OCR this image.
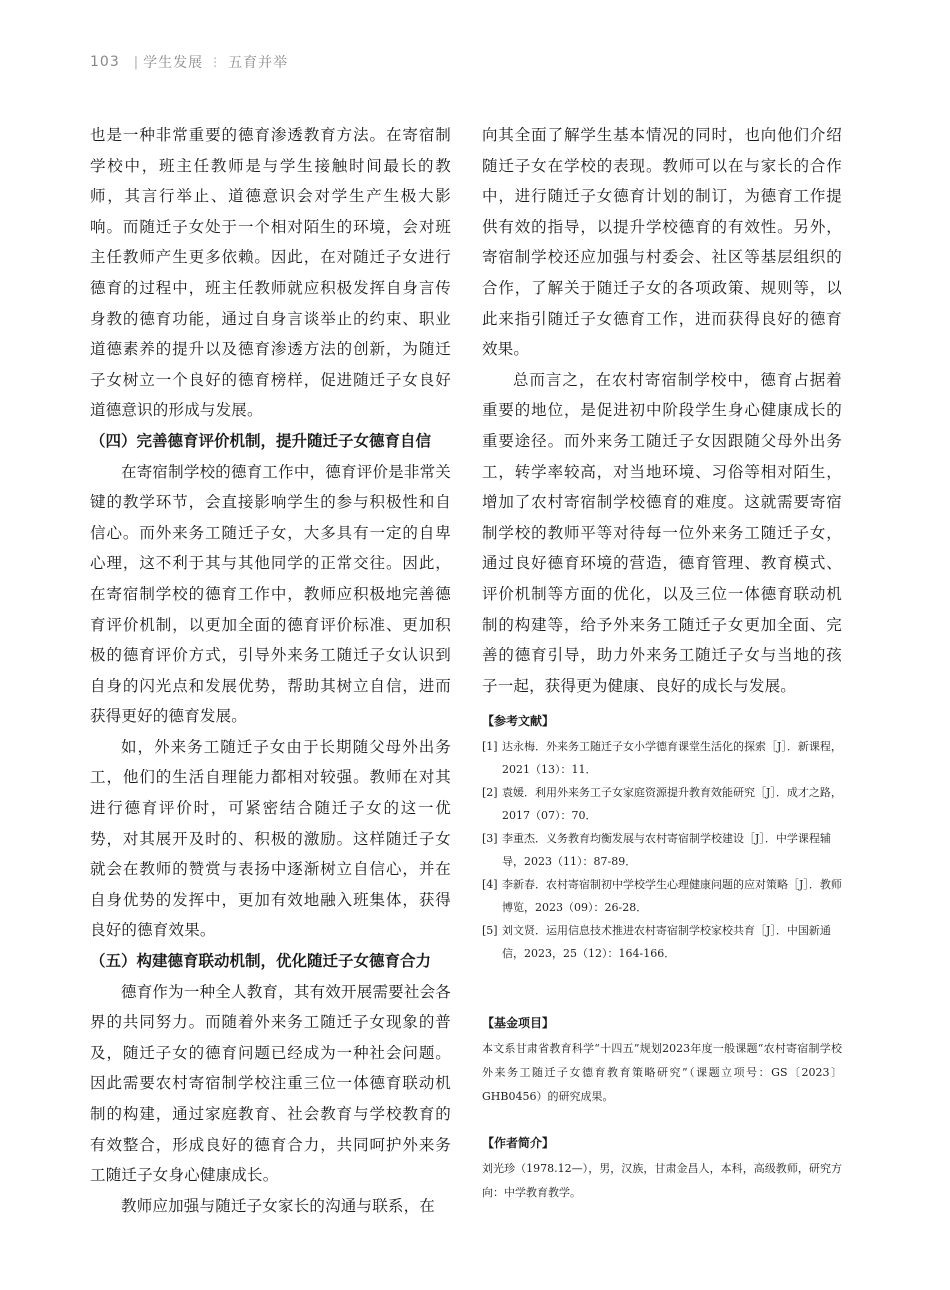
103 | 学生发展 ⋮ 五育并举

也是一种非常重要的德育渗透教育方法。在寄宿制学校中，班主任教师是与学生接触时间最长的教师，其言行举止、道德意识会对学生产生极大影响。而随迁子女处于一个相对陌生的环境，会对班主任教师产生更多依赖。因此，在对随迁子女进行德育的过程中，班主任教师就应积极发挥自身言传身教的德育功能，通过自身言谈举止的约束、职业道德素养的提升以及德育渗透方法的创新，为随迁子女树立一个良好的德育榜样，促进随迁子女良好道德意识的形成与发展。

（四）完善德育评价机制，提升随迁子女德育自信

在寄宿制学校的德育工作中，德育评价是非常关键的教学环节，会直接影响学生的参与积极性和自信心。而外来务工随迁子女，大多具有一定的自卑心理，这不利于其与其他同学的正常交往。因此，在寄宿制学校的德育工作中，教师应积极地完善德育评价机制，以更加全面的德育评价标准、更加积极的德育评价方式，引导外来务工随迁子女认识到自身的闪光点和发展优势，帮助其树立自信，进而获得更好的德育发展。

如，外来务工随迁子女由于长期随父母外出务工，他们的生活自理能力都相对较强。教师在对其进行德育评价时，可紧密结合随迁子女的这一优势，对其展开及时的、积极的激励。这样随迁子女就会在教师的赞赏与表扬中逐渐树立自信心，并在自身优势的发挥中，更加有效地融入班集体，获得良好的德育效果。

（五）构建德育联动机制，优化随迁子女德育合力

德育作为一种全人教育，其有效开展需要社会各界的共同努力。而随着外来务工随迁子女现象的普及，随迁子女的德育问题已经成为一种社会问题。因此需要农村寄宿制学校注重三位一体德育联动机制的构建，通过家庭教育、社会教育与学校教育的有效整合，形成良好的德育合力，共同呵护外来务工随迁子女身心健康成长。

教师应加强与随迁子女家长的沟通与联系，在

向其全面了解学生基本情况的同时，也向他们介绍随迁子女在学校的表现。教师可以在与家长的合作中，进行随迁子女德育计划的制订，为德育工作提供有效的指导，以提升学校德育的有效性。另外，寄宿制学校还应加强与村委会、社区等基层组织的合作，了解关于随迁子女的各项政策、规则等，以此来指引随迁子女德育工作，进而获得良好的德育效果。

总而言之，在农村寄宿制学校中，德育占据着重要的地位，是促进初中阶段学生身心健康成长的重要途径。而外来务工随迁子女因跟随父母外出务工，转学率较高，对当地环境、习俗等相对陌生，增加了农村寄宿制学校德育的难度。这就需要寄宿制学校的教师平等对待每一位外来务工随迁子女，通过良好德育环境的营造，德育管理、教育模式、评价机制等方面的优化，以及三位一体德育联动机制的构建等，给予外来务工随迁子女更加全面、完善的德育引导，助力外来务工随迁子女与当地的孩子一起，获得更为健康、良好的成长与发展。

【参考文献】
[1] 达永梅．外来务工随迁子女小学德育课堂生活化的探索［J］．新课程，2021（13）：11．
[2] 袁媛．利用外来务工子女家庭资源提升教育效能研究［J］．成才之路，2017（07）：70．
[3] 李重杰．义务教育均衡发展与农村寄宿制学校建设［J］．中学课程辅导，2023（11）：87-89．
[4] 李新春．农村寄宿制初中学校学生心理健康问题的应对策略［J］．教师博览，2023（09）：26-28．
[5] 刘文贤．运用信息技术推进农村寄宿制学校家校共育［J］．中国新通信，2023，25（12）：164-166．
【基金项目】

本文系甘肃省教育科学“十四五”规划2023年度一般课题“农村寄宿制学校外来务工随迁子女德育教育策略研究”（课题立项号：GS〔2023〕GHB0456）的研究成果。

【作者简介】

刘光珍（1978.12—），男，汉族，甘肃金昌人，本科，高级教师，研究方向：中学教育教学。
